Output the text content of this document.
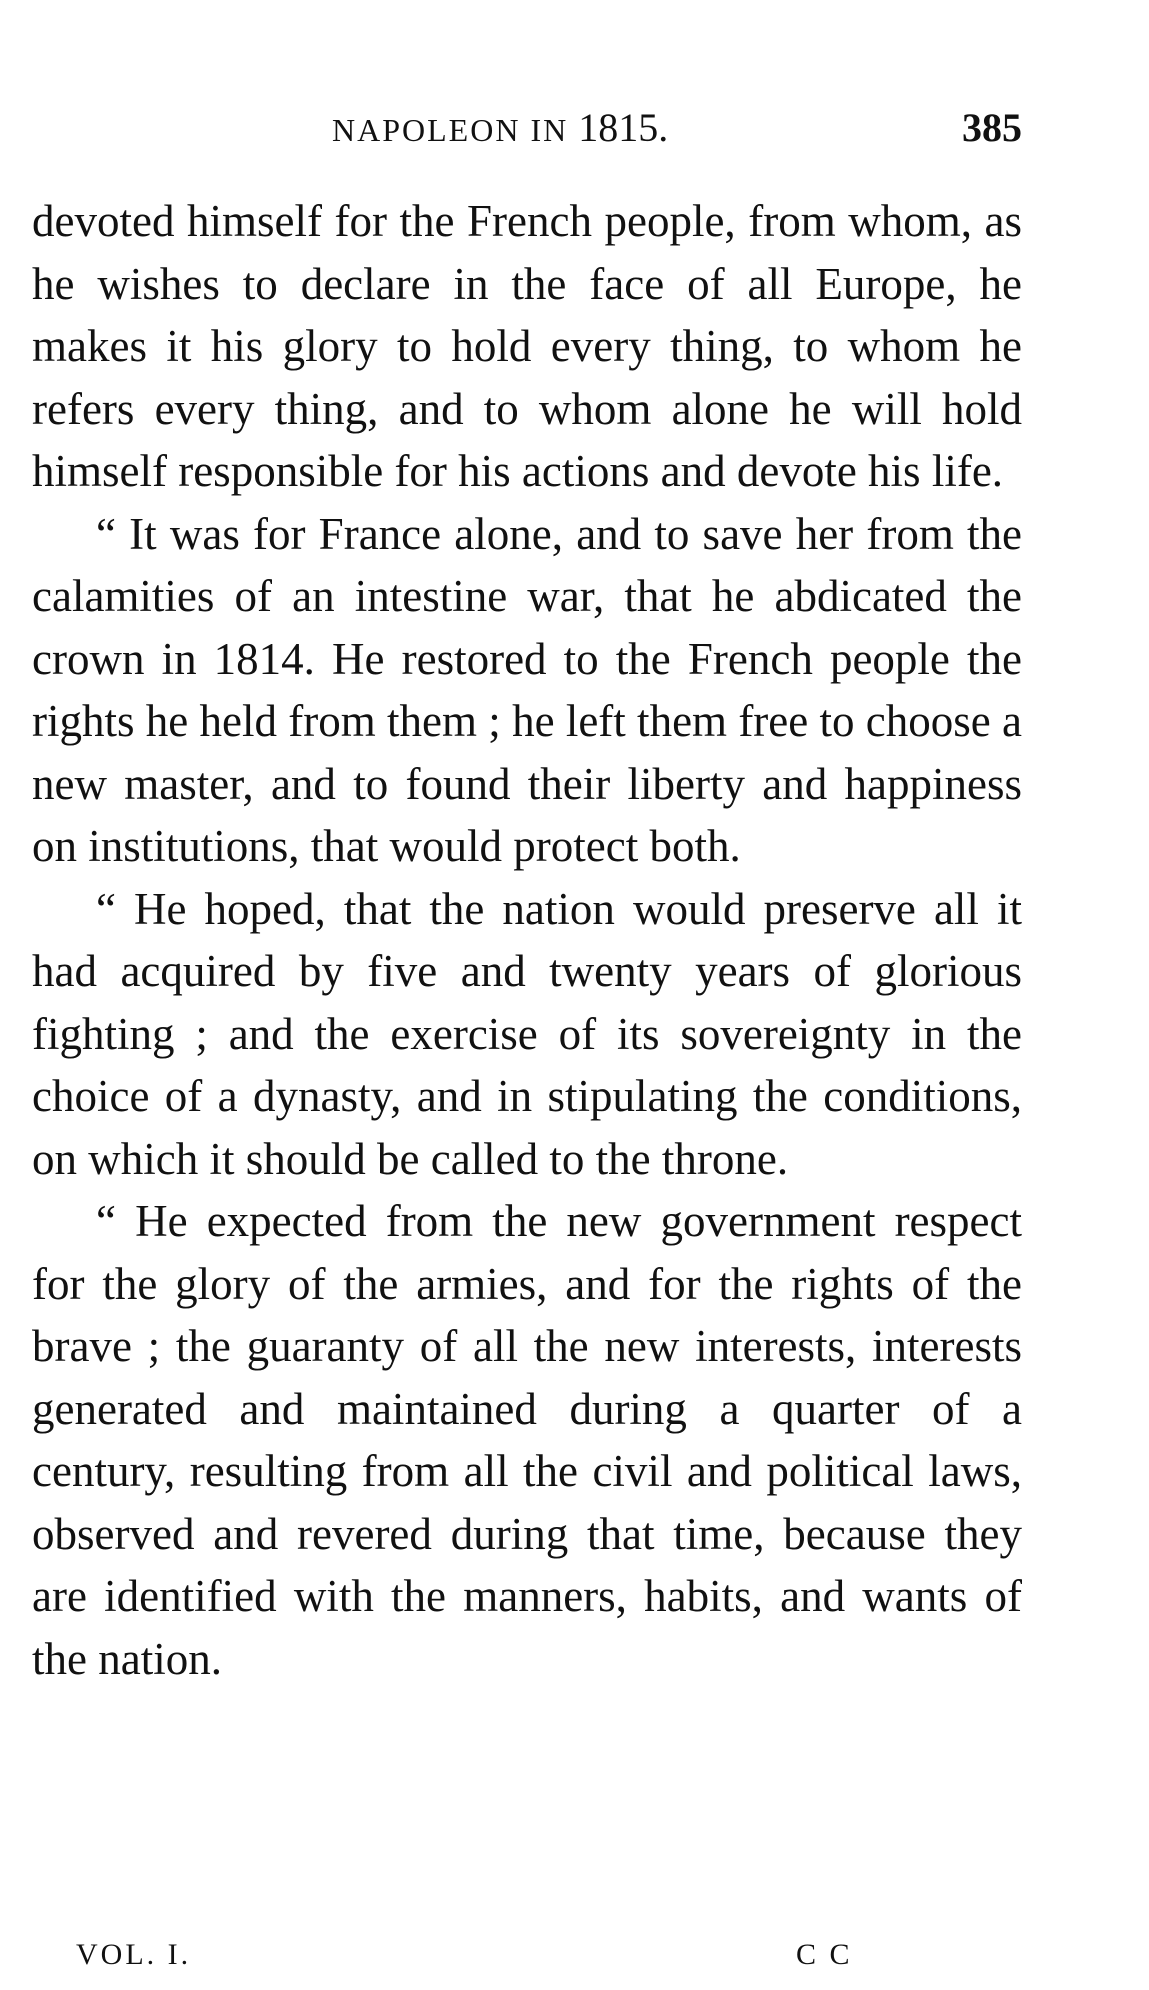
NAPOLEON IN 1815.	385

devoted himself for the French people, from whom, as he wishes to declare in the face of all Europe, he makes it his glory to hold every thing, to whom he refers every thing, and to whom alone he will hold himself responsible for his actions and devote his life.

“ It was for France alone, and to save her from the calamities of an intestine war, that he abdicated the crown in 1814. He restored to the French people the rights he held from them ; he left them free to choose a new master, and to found their liberty and happiness on institutions, that would protect both.

“ He hoped, that the nation would preserve all it had acquired by five and twenty years of glorious fighting ; and the exercise of its sovereignty in the choice of a dynasty, and in stipulating the conditions, on which it should be called to the throne.

“ He expected from the new government respect for the glory of the armies, and for the rights of the brave ; the guaranty of all the new interests, interests generated and maintained during a quarter of a century, resulting from all the civil and political laws, observed and revered during that time, because they are identified with the manners, habits, and wants of the nation.

VOL. I.	C C
